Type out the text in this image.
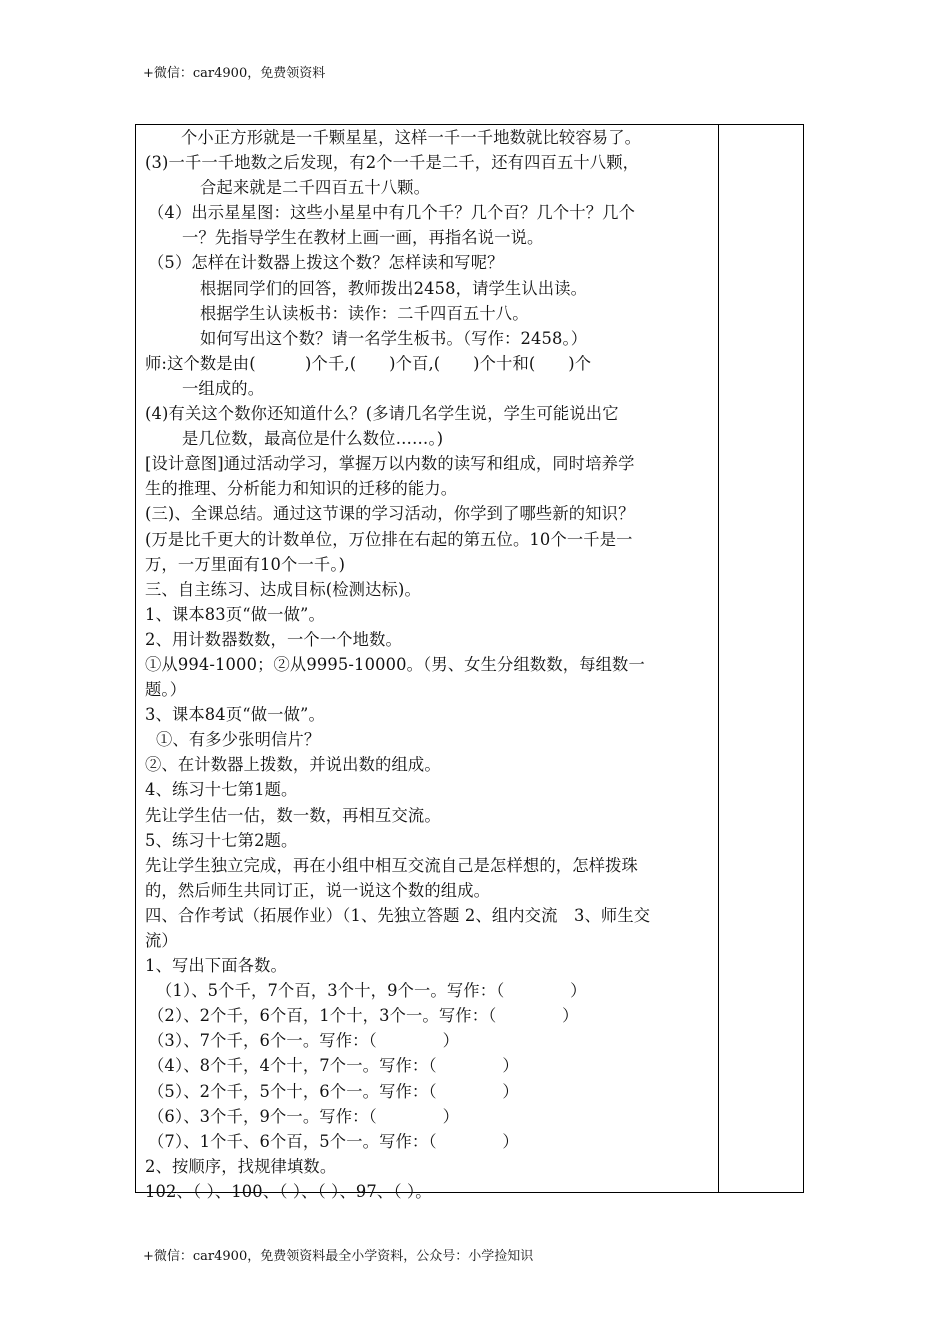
+微信：car4900，免费领资料
个小正方形就是一千颗星星，这样一千一千地数就比较容易了。
(3)一千一千地数之后发现，有2个一千是二千，还有四百五十八颗，
合起来就是二千四百五十八颗。
（4）出示星星图：这些小星星中有几个千？几个百？几个十？几个
一？先指导学生在教材上画一画，再指名说一说。
（5）怎样在计数器上拨这个数？怎样读和写呢？
根据同学们的回答，教师拨出2458，请学生认出读。
根据学生认读板书：读作：二千四百五十八。
如何写出这个数？请一名学生板书。（写作：2458。）
师:这个数是由(　　　)个千,(　　)个百,(　　)个十和(　　)个
一组成的。
(4)有关这个数你还知道什么？(多请几名学生说，学生可能说出它
是几位数，最高位是什么数位……。)
[设计意图]通过活动学习，掌握万以内数的读写和组成，同时培养学
生的推理、分析能力和知识的迁移的能力。
(三)、全课总结。通过这节课的学习活动，你学到了哪些新的知识？
(万是比千更大的计数单位，万位排在右起的第五位。10个一千是一
万，一万里面有10个一千。)
三、自主练习、达成目标(检测达标)。
1、课本83页“做一做”。
2、用计数器数数，一个一个地数。
①从994-1000；②从9995-10000。（男、女生分组数数，每组数一
题。）
3、课本84页“做一做”。
①、有多少张明信片？
②、在计数器上拨数，并说出数的组成。
4、练习十七第1题。
先让学生估一估，数一数，再相互交流。
5、练习十七第2题。
先让学生独立完成，再在小组中相互交流自己是怎样想的，怎样拨珠
的，然后师生共同订正，说一说这个数的组成。
四、合作考试（拓展作业）（1、先独立答题 2、组内交流　3、师生交
流）
1、写出下面各数。
（1）、5个千，7个百，3个十，9个一。写作：（　　　　）
（2）、2个千，6个百，1个十，3个一。写作：（　　　　）
（3）、7个千，6个一。写作：（　　　　）
（4）、8个千，4个十，7个一。写作：（　　　　）
（5）、2个千，5个十，6个一。写作：（　　　　）
（6）、3个千，9个一。写作：（　　　　）
（7）、1个千、6个百，5个一。写作：（　　　　）
2、按顺序，找规律填数。
102、（ ）、100、（ ）、（ ）、97、（ ）。
+微信：car4900，免费领资料最全小学资料，公众号：小学捡知识
